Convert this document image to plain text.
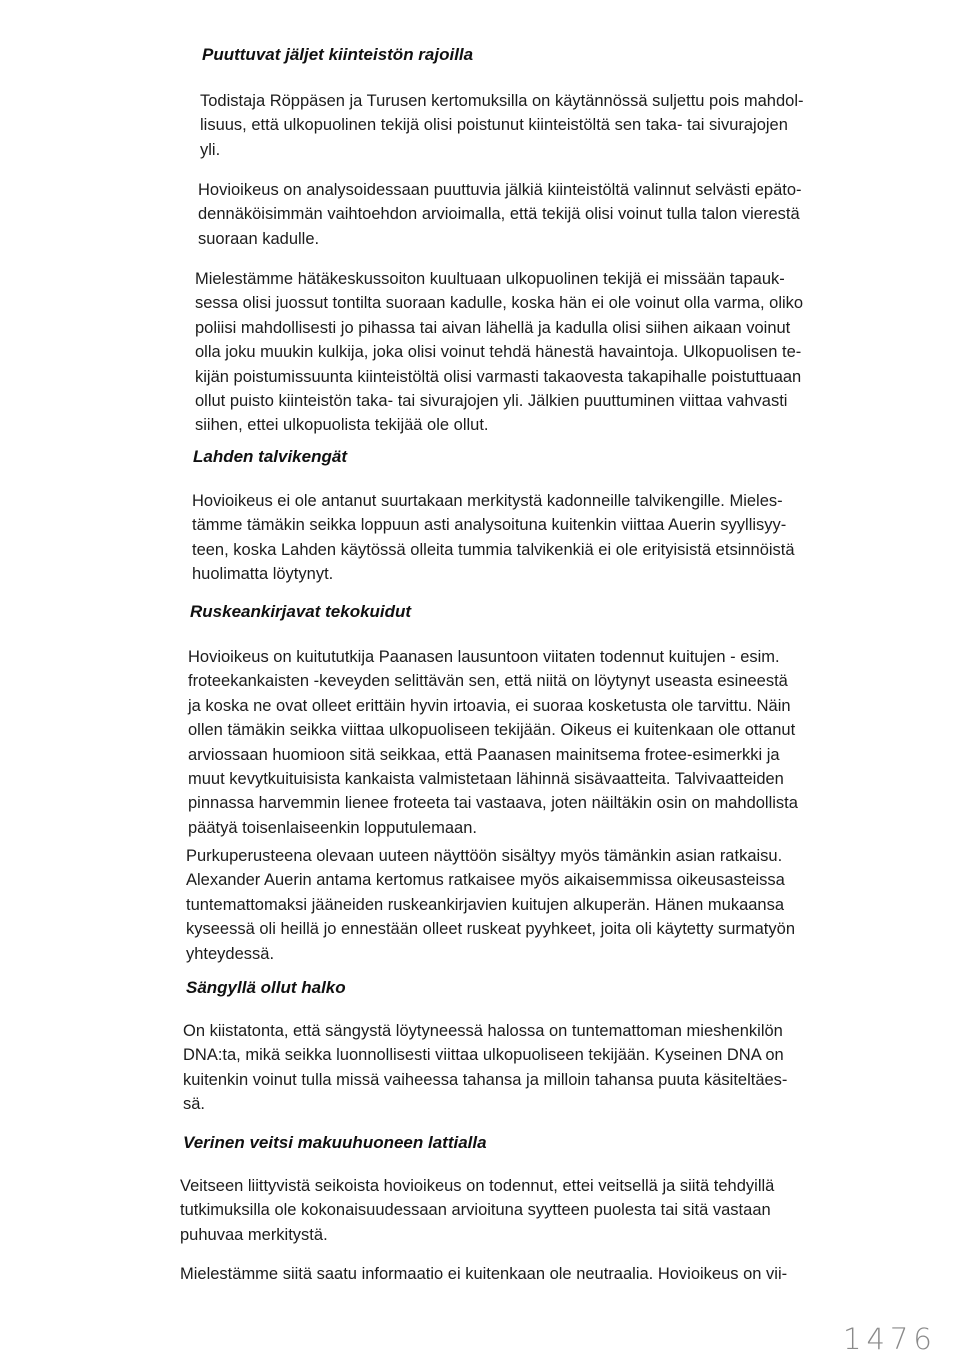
Puuttuvat jäljet kiinteistön rajoilla

Todistaja Röppäsen ja Turusen kertomuksilla on käytännössä suljettu pois mahdol-
lisuus, että ulkopuolinen tekijä olisi poistunut kiinteistöltä sen taka- tai sivurajojen
yli.

Hovioikeus on analysoidessaan puuttuvia jälkiä kiinteistöltä valinnut selvästi epäto-
dennäköisimmän vaihtoehdon arvioimalla, että tekijä olisi voinut tulla talon vierestä
suoraan kadulle.

Mielestämme hätäkeskussoiton kuultuaan ulkopuolinen tekijä ei missään tapauk-
sessa olisi juossut tontilta suoraan kadulle, koska hän ei ole voinut olla varma, oliko
poliisi mahdollisesti jo pihassa tai aivan lähellä ja kadulla olisi siihen aikaan voinut
olla joku muukin kulkija, joka olisi voinut tehdä hänestä havaintoja. Ulkopuolisen te-
kijän poistumissuunta kiinteistöltä olisi varmasti takaovesta takapihalle poistuttuaan
ollut puisto kiinteistön taka- tai sivurajojen yli. Jälkien puuttuminen viittaa vahvasti
siihen, ettei ulkopuolista tekijää ole ollut.

Lahden talvikengät

Hovioikeus ei ole antanut suurtakaan merkitystä kadonneille talvikengille. Mieles-
tämme tämäkin seikka loppuun asti analysoituna kuitenkin viittaa Auerin syyllisyy-
teen, koska Lahden käytössä olleita tummia talvikenkiä ei ole erityisistä etsinnöistä
huolimatta löytynyt.

Ruskeankirjavat tekokuidut

Hovioikeus on kuitututkija Paanasen lausuntoon viitaten todennut kuitujen - esim.
froteekankaisten -keveyden selittävän sen, että niitä on löytynyt useasta esineestä
ja koska ne ovat olleet erittäin hyvin irtoavia, ei suoraa kosketusta ole tarvittu. Näin
ollen tämäkin seikka viittaa ulkopuoliseen tekijään. Oikeus ei kuitenkaan ole ottanut
arviossaan huomioon sitä seikkaa, että Paanasen mainitsema frotee-esimerkki ja
muut kevytkuituisista kankaista valmistetaan lähinnä sisävaatteita. Talvivaatteiden
pinnassa harvemmin lienee froteeta tai vastaava, joten näiltäkin osin on mahdollista
päätyä toisenlaiseenkin lopputulemaan.

Purkuperusteena olevaan uuteen näyttöön sisältyy myös tämänkin asian ratkaisu.
Alexander Auerin antama kertomus ratkaisee myös aikaisemmissa oikeusasteissa
tuntemattomaksi jääneiden ruskeankirjavien kuitujen alkuperän. Hänen mukaansa
kyseessä oli heillä jo ennestään olleet ruskeat pyyhkeet, joita oli käytetty surmatyön
yhteydessä.

Sängyllä ollut halko

On kiistatonta, että sängystä löytyneessä halossa on tuntemattoman mieshenkilön
DNA:ta, mikä seikka luonnollisesti viittaa ulkopuoliseen tekijään. Kyseinen DNA on
kuitenkin voinut tulla missä vaiheessa tahansa ja milloin tahansa puuta käsiteltäes-
sä.

Verinen veitsi makuuhuoneen lattialla

Veitseen liittyvistä seikoista hovioikeus on todennut, ettei veitsellä ja siitä tehdyillä
tutkimuksilla ole kokonaisuudessaan arvioituna syytteen puolesta tai sitä vastaan
puhuvaa merkitystä.

Mielestämme siitä saatu informaatio ei kuitenkaan ole neutraalia. Hovioikeus on vii-

1476
